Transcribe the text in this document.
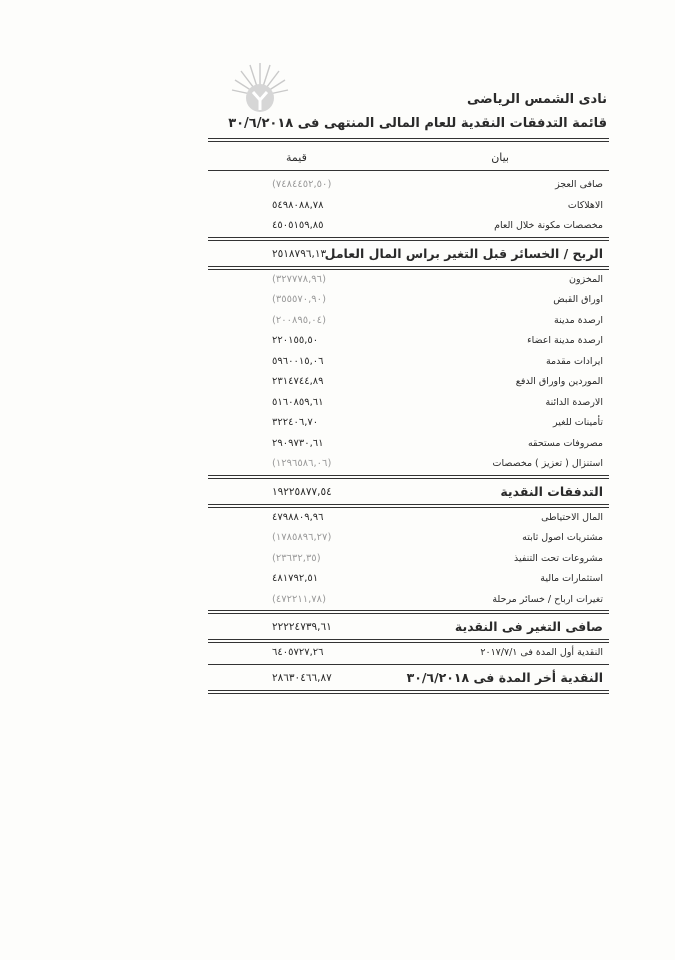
نادى الشمس الرياضى
قائمة التدفقات النقدية للعام المالى المنتهى فى ٣٠/٦/٢٠١٨
بيان
قيمة
صافى العجز
(٧٤٨٤٤٥٢,٥٠)
الاهلاكات
٥٤٩٨٠٨٨,٧٨
مخصصات مكونة خلال العام
٤٥٠٥١٥٩,٨٥
الربح / الخسائر قبل التغير براس المال العامل
٢٥١٨٧٩٦,١٣
المخزون
(٣٢٧٧٧٨,٩٦)
اوراق القبض
(٣٥٥٥٧٠,٩٠)
ارصدة مدينة
(٢٠٠٨٩٥,٠٤)
ارصدة مدينة اعضاء
٢٢٠١٥٥,٥٠
ايرادات مقدمة
٥٩٦٠٠١٥,٠٦
الموردين واوراق الدفع
٢٣١٤٧٤٤,٨٩
الارصدة الدائنة
٥١٦٠٨٥٩,٦١
تأمينات للغير
٣٢٢٤٠٦,٧٠
مصروفات مستحقه
٢٩٠٩٧٣٠,٦١
استنزال ( تعزيز ) مخصصات
(١٢٩٦٥٨٦,٠٦)
التدفقات النقدية
١٩٢٢٥٨٧٧,٥٤
المال الاحتياطى
٤٧٩٨٨٠٩,٩٦
مشتريات اصول ثابته
(١٧٨٥٨٩٦,٢٧)
مشروعات تحت التنفيذ
(٢٣٦٣٢,٣٥)
استثمارات مالية
٤٨١٧٩٢,٥١
تغيرات ارباح / خسائر مرحلة
(٤٧٢٢١١,٧٨)
صافى التغير فى النقدية
٢٢٢٢٤٧٣٩,٦١
النقدية أول المدة فى ٢٠١٧/٧/١
٦٤٠٥٧٢٧,٢٦
النقدية أخر المدة فى ٣٠/٦/٢٠١٨
٢٨٦٣٠٤٦٦,٨٧
